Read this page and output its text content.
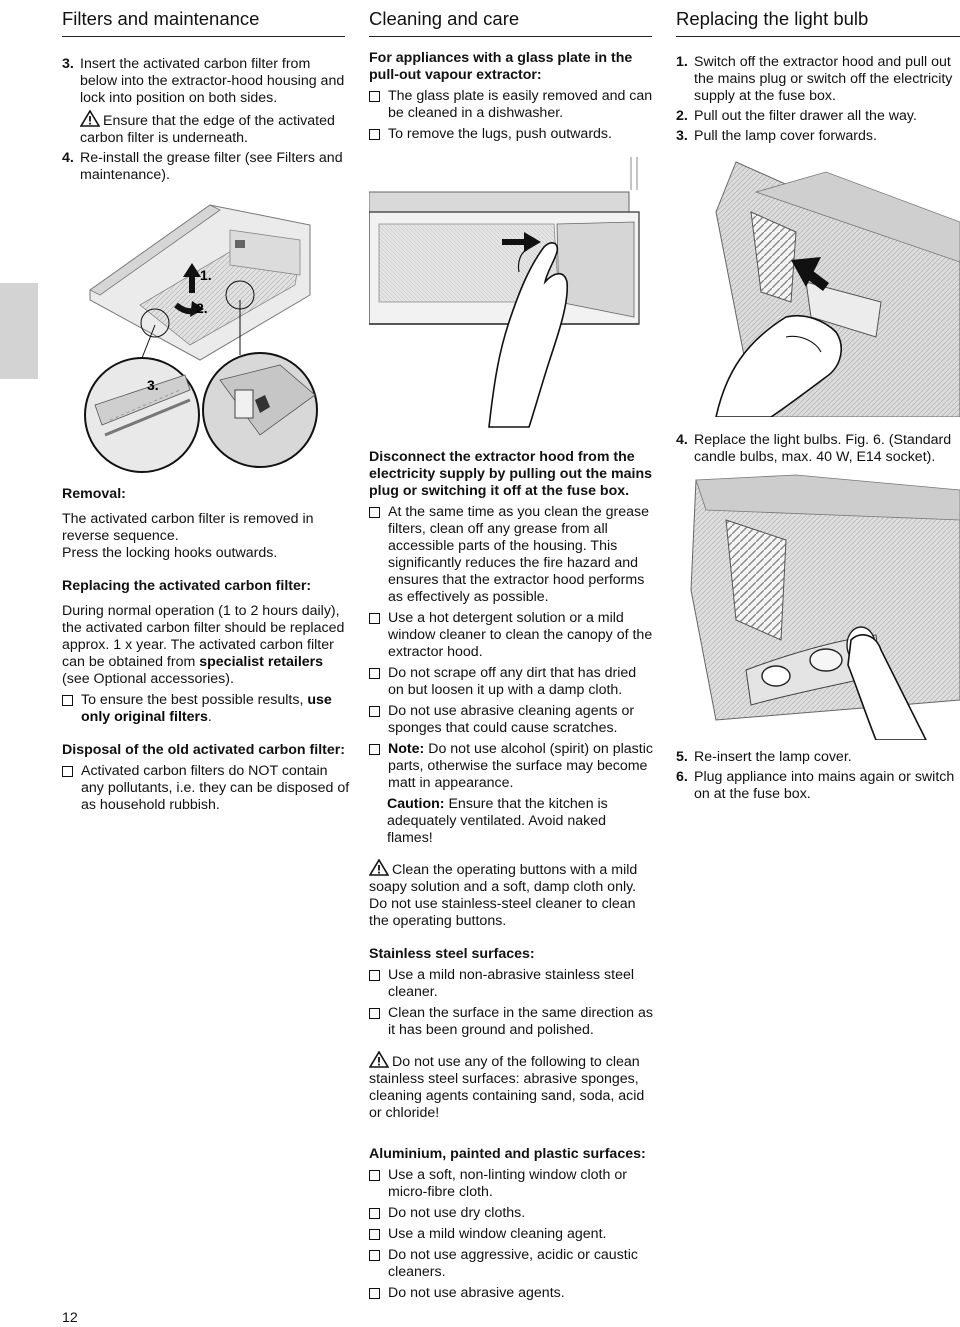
Filters and maintenance	Cleaning and care	Replacing the light bulb
3. Insert the activated carbon filter from below into the extractor-hood housing and lock into position on both sides.
Ensure that the edge of the activated carbon filter is underneath.
4. Re-install the grease filter (see Filters and maintenance).
1.
2.
3.

Removal:

The activated carbon filter is removed in reverse sequence.

Press the locking hooks outwards.

Replacing the activated carbon filter:

During normal operation (1 to 2 hours daily), the activated carbon filter should be replaced approx. 1 x year. The activated carbon filter can be obtained from specialist retailers (see Optional accessories).

To ensure the best possible results, use only original filters.

Disposal of the old activated carbon filter:

Activated carbon filters do NOT contain any pollutants, i.e. they can be disposed of as household rubbish.

For appliances with a glass plate in the pull-out vapour extractor:

The glass plate is easily removed and can be cleaned in a dishwasher.
To remove the lugs, push outwards.

Disconnect the extractor hood from the electricity supply by pulling out the mains plug or switching it off at the fuse box.

At the same time as you clean the grease filters, clean off any grease from all accessible parts of the housing. This significantly reduces the fire hazard and ensures that the extractor hood performs as effectively as possible.
Use a hot detergent solution or a mild window cleaner to clean the canopy of the extractor hood.
Do not scrape off any dirt that has dried on but loosen it up with a damp cloth.
Do not use abrasive cleaning agents or sponges that could cause scratches.
Note: Do not use alcohol (spirit) on plastic parts, otherwise the surface may become matt in appearance.

Caution: Ensure that the kitchen is adequately ventilated. Avoid naked flames!

Clean the operating buttons with a mild soapy solution and a soft, damp cloth only. Do not use stainless-steel cleaner to clean the operating buttons.

Stainless steel surfaces:

Use a mild non-abrasive stainless steel cleaner.
Clean the surface in the same direction as it has been ground and polished.

Do not use any of the following to clean stainless steel surfaces: abrasive sponges, cleaning agents containing sand, soda, acid or chloride!

Aluminium, painted and plastic surfaces:

Use a soft, non-linting window cloth or micro-fibre cloth.
Do not use dry cloths.
Use a mild window cleaning agent.
Do not use aggressive, acidic or caustic cleaners.
Do not use abrasive agents.
1. Switch off the extractor hood and pull out the mains plug or switch off the electricity supply at the fuse box.
2. Pull out the filter drawer all the way.
3. Pull the lamp cover forwards.
4. Replace the light bulbs. Fig. 6. (Standard candle bulbs, max. 40 W, E14 socket).
5. Re-insert the lamp cover.
6. Plug appliance into mains again or switch on at the fuse box.
12
